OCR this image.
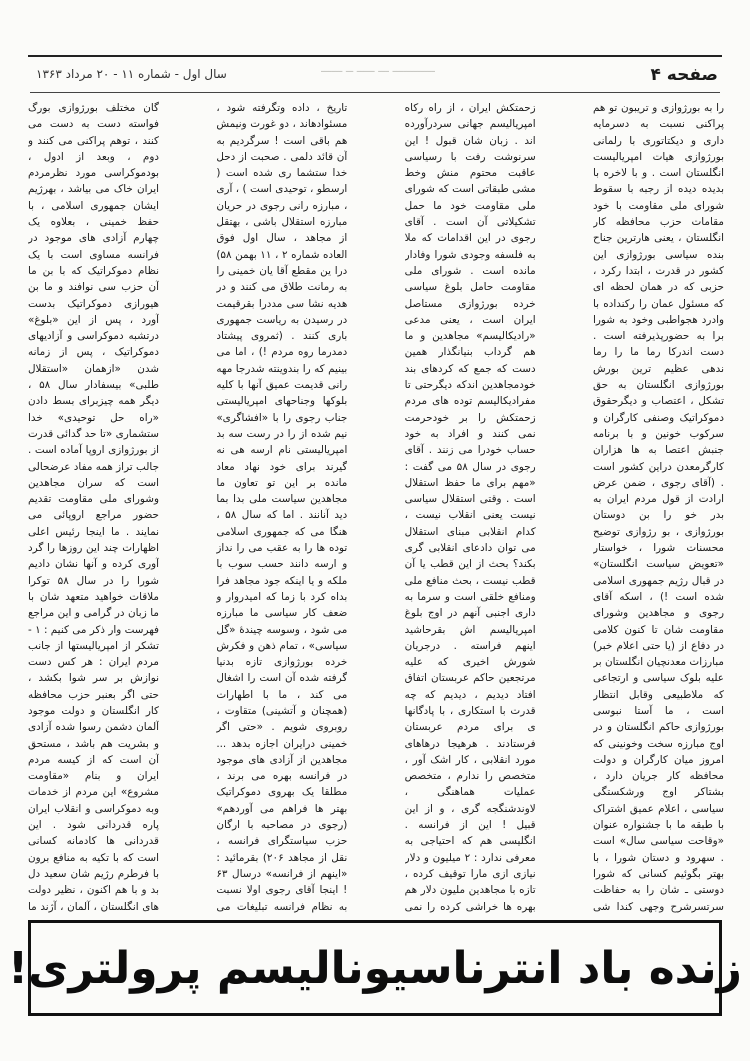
صفحه ۴
ــــــــــــ ـــ ـــــ ــ ــــــ
سال اول - شماره ۱۱ - ۲۰ مرداد ۱۳۶۳

را به بورژوازی و تریبون تو هم پراکنی نسبت به دسرمایه داری و دیکتاتوری با رلمانی بورژوازی هیات امپریالیست انگلستان است . و با لاخره با بدیده دیده از رجبه با سقوط شورای ملی مقاومت با خود مقامات حزب محافظه کار انگلستان ، یعنی هارترین جناح بنده سیاسی بورژوازی این کشور در قدرت ، ابتدا رکرد ، حزبی که در همان لحظه ای که مسئول عمان را رکنداده با وادرد هجواطبی وخود به شورا برا به حضورپذیرفته است . دست اندرکا رما ما را رما ندهی عظیم ترین بورش بورژوازی انگلستان به حق تشکل ، اعتصاب و دیگرحقوق دموکراتیک وصنفی کارگران و سرکوب خونین و با برنامه جنبش اعتصا به ها هزاران کارگرمعدن دراین کشور است . (آقای رجوی ، ضمن عرض ارادت از قول مردم ایران به بدر خو را بن دوستان بورژوازی ، بو رژوازی توضیح محسنات شورا ، خواستار «تعویض سیاست انگلستان» در قبال رژیم جمهوری اسلامی شده است !) ، اسکه آقای رجوی و مجاهدین وشورای مقاومت شان تا کنون کلامی در دفاع از (یا حتی اعلام خبر) مبارزات معدنچیان انگلستان بر علیه بلوک سیاسی و ارتجاعی که ملاطبیعی وقابل انتظار است ، ما آستا نبوسی بورژوازی حاکم انگلستان و در اوج مبارزه سخت وخونینی که امروز میان کارگران و دولت محافظه کار جریان دارد ، بشتاکر اوج ورشکستگی سیاسی ، اعلام عمیق اشتراک با طبقه ما با جشنواره عنوان «وقاحت سیاسی سال» است . سهرود و دستان شورا ، با بهتر بگوئیم کسانی که شورا دوستی ـ شان را به حفاظت سرتسرشرح وجهی کندا شی

زحمتکش ایران ، از راه رکاه امپریالیسم جهانی سردرآورده اند . زبان شان قبول ! این سرنوشت رفت با رسیاسی عاقبت محتوم منش وخط مشی طبقاتی است که شورای ملی مقاومت خود ما حمل تشکیلاتی آن است . آقای رجوی در این اقدامات که ملا به فلسفه وجودی شورا وفادار مانده است . شورای ملی مقاومت حامل بلوغ سیاسی خرده بورژوازی مستاصل ایران است ، یعنی مدعی «رادیکالیسم» مجاهدین و ما هم گرداب بنیانگذار همین دست که جمع که کردهای بند خودمجاهدین اندکه دیگرحتی تا مفرادیکالیسم توده های مردم زحمتکش را بر خودحرمت نمی کنند و افراد به خود حساب خودرا می زنند . آقای رجوی در سال ۵۸ می گفت : «مهم برای ما حفظ استقلال است . وقتی استقلال سیاسی نیست یعنی انقلاب نیست ، کدام انقلابی مبنای استقلال می توان دادعای انقلابی گری بکند؟ بحث از این قطب یا آن قطب نیست ، بحث منافع ملی ومنافع خلقی است و سرما به داری اجنبی آنهم در اوج بلوغ امپریالیسم اش بقرحاشید اینهم فراسته . درجریان شورش اخیری که علیه مرتجعین حاکم عربستان اتفاق افتاد دیدیم ، دیدیم که چه قدرت با استکاری ، با پادگانها ی برای مردم عربستان فرستادند . هرهیجا درهاهای مورد انقلابی ، کار اشک آور ، متخصص را ندارم ، متخصص عملیات هماهنگی ، لاوندشنگجه گری ، و از این قبیل ! این از فرانسه . انگلیسی هم که احتیاجی به معرفی ندارد : ۲ میلیون و دلار نیازی ازی مارا توقیف کرده ، تازه با مجاهدین ملیون دلار هم بهره ها خراشی کرده را نمی

تاریخ ، داده وتگرفته شود ، مسئوادهاند ، دو غورت ونیمش هم باقی است ! سرگردیم به آن قائد دلمی . صحبت از دحل خدا ستشما ری شده است ( ارسطو ، توحیدی است ) ، آری ، مبارزه رانی رجوی در حریان مبارزه استقلال باشی ، بهتقل از مجاهد ، سال اول فوق العاده شماره ۲ ، ۱۱ بهمن ۵۸) درا ین مقطع آقا یان خمینی را به رمانت طلاق می کنند و در هدیه نشا سی مددرا بقرقیمت در رسیدن به ریاست جمهوری باری کنند . (ثمروی پیشتاد دمدرما روه مردم !) ، اما می بینیم که را بندوینته شدرجا مهه رانی قدیمت عمیق آنها با کلیه بلوکها وجناحهای امپریالیستی جناب رجوی را با «افشاگری» نیم شده از را در رست سه بد امپریالیستی نام ارسه هی نه گیرند برای خود نهاد معاد مانده بر این تو تعاون ما مجاهدین سیاست ملی بدا بما دید آنانند . اما که سال ۵۸ ، هنگا می که جمهوری اسلامی توده ها را به عقب می را نداز و ارسه دانند حسب سوب با ملکه و یا اینکه جود مجاهد فرا بداه کرد با زما که امیدروار و ضعف کار سیاسی ما مبارزه می شود ، وسوسه چیندهٔ «گل سیاسی» ، تمام ذهن و فکرش خرده بورژوازی تازه بدنیا گرفته شده آن است را اشغال می کند ، ما با اطهارات (همچنان و آتشینی) متقاوت ، روبروی شویم . «حتی اگر خمینی درایران اجازه بدهد ... مجاهدین از آزادی های موجود در فرانسه بهره می برند ، مطلقا یک بهروی دموکراتیک بهتر ها فراهم می آوردهم» (رجوی در مصاحبه با ارگان حزب سیاستگرای فرانسه ، نقل از مجاهد ۲۰۶) بقرمائید : «اینهم از فرانسه» درسال ۶۳ ! اینجا آقای رجوی اولا نسبت به نظام فرانسه تبلیغات می

گان مختلف بورژوازی بورگ فواسته دست به دست می کنند ، توهم پراکنی می کنند و دوم ، وبعد از ادول ، بودموکراسی مورد نظرمردم ایران خاک می بیاشد ، بهرژیم ایشان جمهوری اسلامی ، با حفظ خمینی ، بعلاوه یک چهارم آزادی های موجود در فرانسه مساوی است با یک نظام دموکراتیک که با بن ما آن حزب سی نوافند و ما بن هیورازی دموکراتیک بدست آورد ، پس از این «بلوغ» درتشبه دموکراسی و آزادیهای دموکراتیک ، پس از زمانه شدن «ازهمان «استقلال طلبی» بیسفادار سال ۵۸ ، دیگر همه چیزبرای بسط دادن «راه حل توحیدی» خدا ستشماری «تا حد گدائی قدرت از بورژوازی اروپا آماده است . جالب تراز همه مفاد عرضحالی است که سران مجاهدین وشورای ملی مقاومت تقدیم حضور مراجع اروپائی می نمایند . ما اینجا رئیس اعلی اظهارات چند این روزها را گرد آوری کرده و آنها نشان دادیم شورا را در سال ۵۸ توکرا ملاقات خواهید متعهد شان با ما زبان در گرامی و این مراجع فهرست وار ذکر می کنیم : ۱ - تشکر از امپریالیستها از جانب مردم ایران : هر کس دست نوازش بر سر شوا بکشد ، حتی اگر بعنبر حزب محافظه کار انگلستان و دولت موجود آلمان دشمن رسوا شده آزادی و بشریت هم باشد ، مستحق آن است که از کیسه مردم ایران و بنام «مقاومت مشروع» این مردم از خدمات وبه دموکراسی و انقلاب ایران پاره قدردانی شود . این قدردانی ها کادمانه کسانی است که با تکیه به منافع برون با فرطرم رژیم شان سعید دل بد و با هم اکنون ، نظیر دولت های انگلستان ، آلمان ، آژند ما

زنده باد انترناسیونالیسم پرولتری!
